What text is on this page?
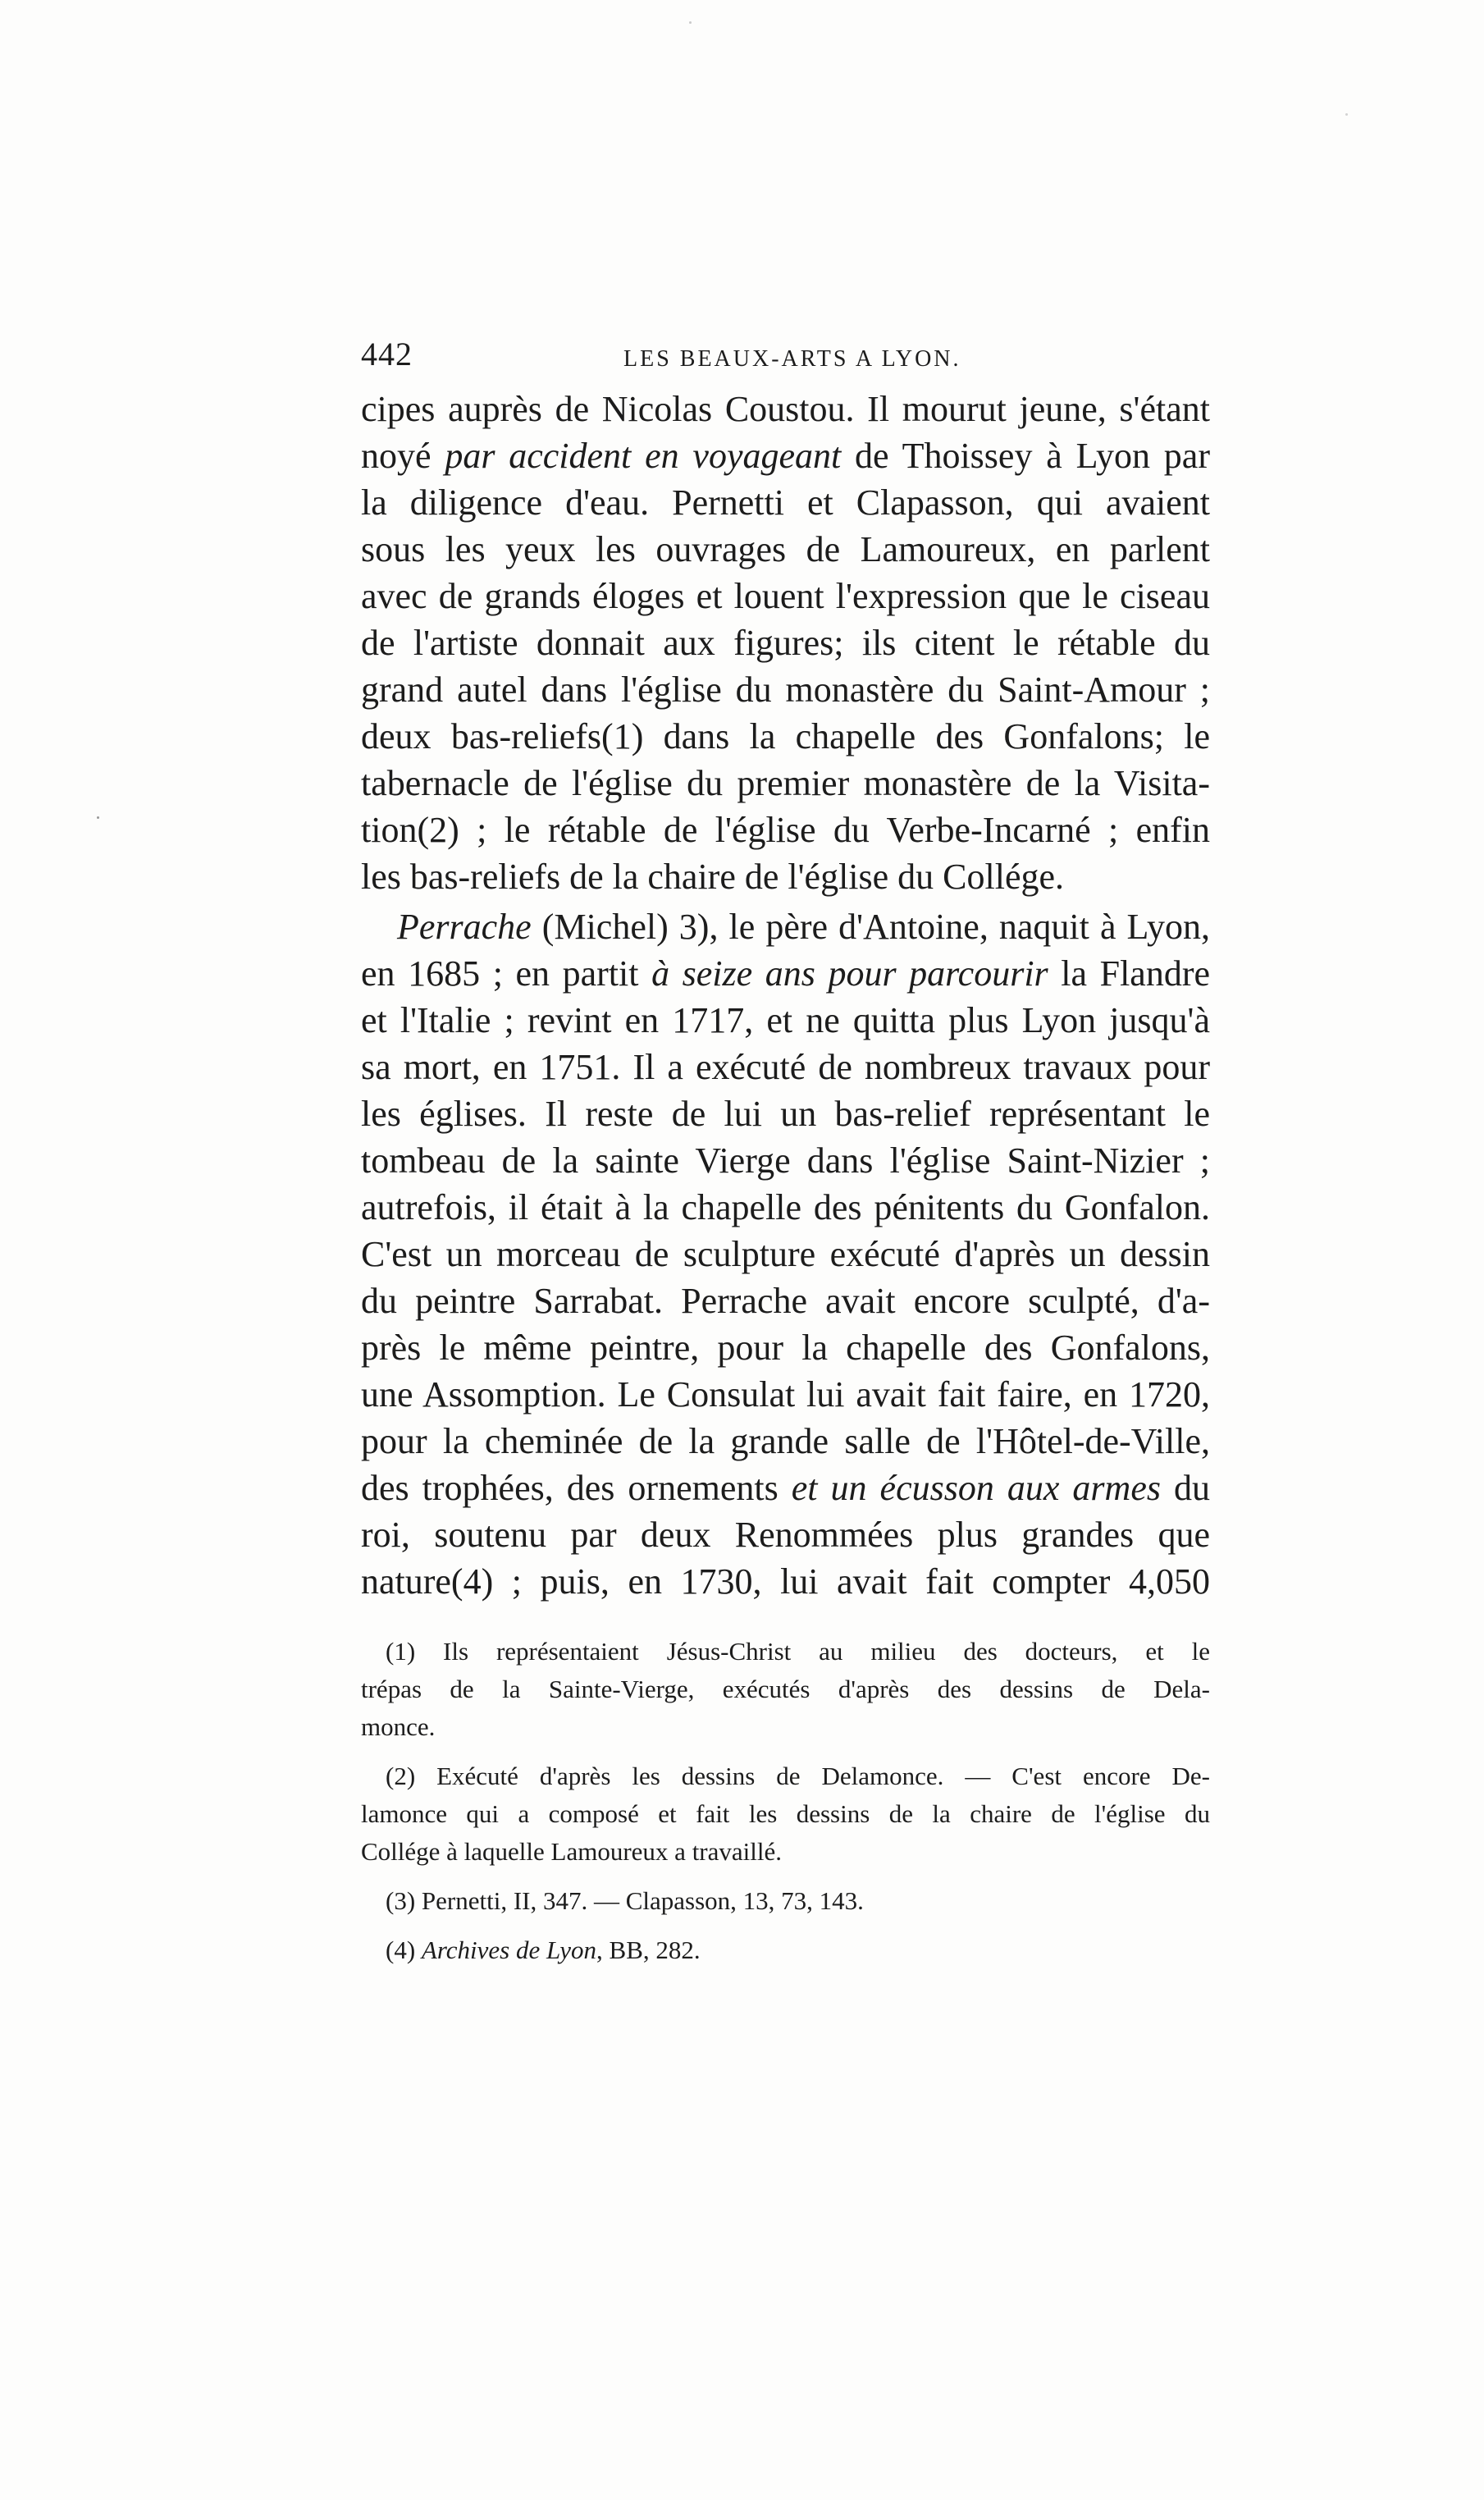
442	LES BEAUX-ARTS A LYON.
cipes auprès de Nicolas Coustou. Il mourut jeune, s'étant
noyé par accident en voyageant de Thoissey à Lyon par
la diligence d'eau. Pernetti et Clapasson, qui avaient
sous les yeux les ouvrages de Lamoureux, en parlent
avec de grands éloges et louent l'expression que le ciseau
de l'artiste donnait aux figures; ils citent le rétable du
grand autel dans l'église du monastère du Saint-Amour ;
deux bas-reliefs(1) dans la chapelle des Gonfalons; le
tabernacle de l'église du premier monastère de la Visita-
tion(2) ; le rétable de l'église du Verbe-Incarné ; enfin
les bas-reliefs de la chaire de l'église du Collége.
Perrache (Michel) 3), le père d'Antoine, naquit à Lyon,
en 1685 ; en partit à seize ans pour parcourir la Flandre
et l'Italie ; revint en 1717, et ne quitta plus Lyon jusqu'à
sa mort, en 1751. Il a exécuté de nombreux travaux pour
les églises. Il reste de lui un bas-relief représentant le
tombeau de la sainte Vierge dans l'église Saint-Nizier ;
autrefois, il était à la chapelle des pénitents du Gonfalon.
C'est un morceau de sculpture exécuté d'après un dessin
du peintre Sarrabat. Perrache avait encore sculpté, d'a-
près le même peintre, pour la chapelle des Gonfalons,
une Assomption. Le Consulat lui avait fait faire, en 1720,
pour la cheminée de la grande salle de l'Hôtel-de-Ville,
des trophées, des ornements et un écusson aux armes du
roi, soutenu par deux Renommées plus grandes que
nature(4) ; puis, en 1730, lui avait fait compter 4,050
(1) Ils représentaient Jésus-Christ au milieu des docteurs, et le
trépas de la Sainte-Vierge, exécutés d'après des dessins de Dela-
monce.
(2) Exécuté d'après les dessins de Delamonce. — C'est encore De-
lamonce qui a composé et fait les dessins de la chaire de l'église du
Collége à laquelle Lamoureux a travaillé.
(3) Pernetti, II, 347. — Clapasson, 13, 73, 143.
(4) Archives de Lyon, BB, 282.
